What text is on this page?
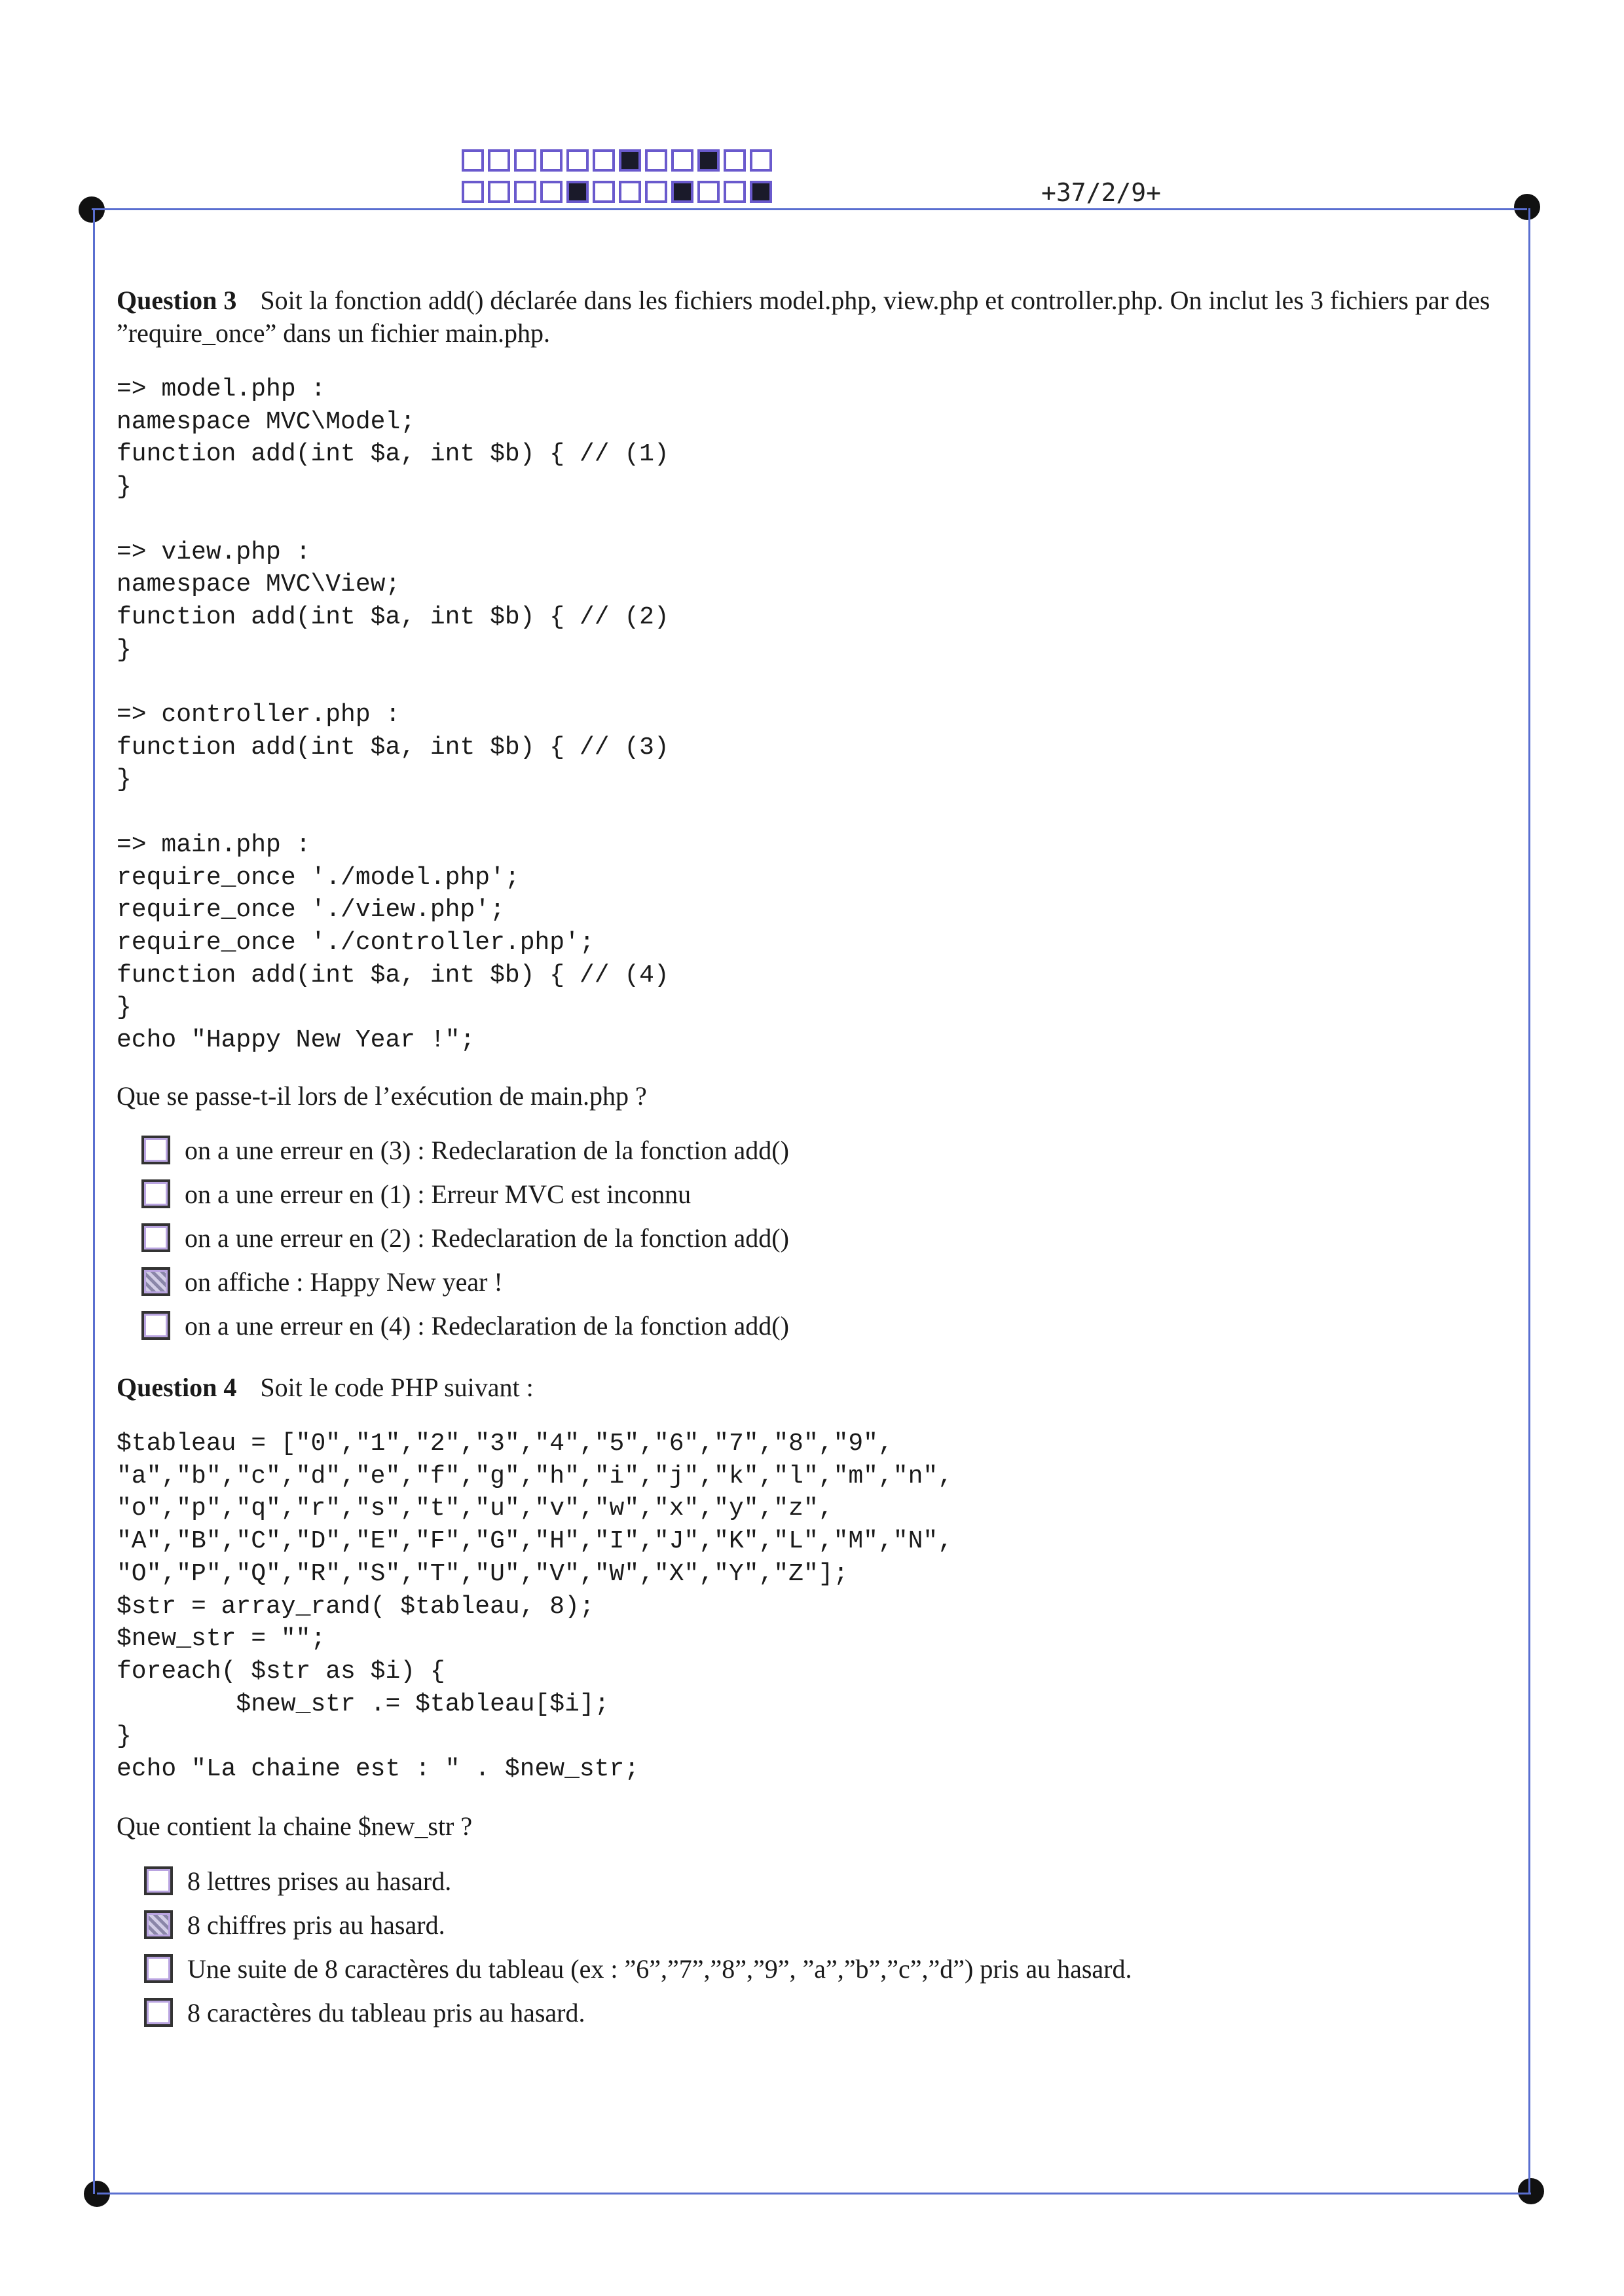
+37/2/9+
Question 3 Soit la fonction add() déclarée dans les fichiers model.php, view.php et controller.php. On inclut les 3 fichiers par des ”require_once” dans un fichier main.php.
=> model.php :
namespace MVC\Model;
function add(int $a, int $b) { // (1)
}

=> view.php :
namespace MVC\View;
function add(int $a, int $b) { // (2)
}

=> controller.php :
function add(int $a, int $b) { // (3)
}

=> main.php :
require_once './model.php';
require_once './view.php';
require_once './controller.php';
function add(int $a, int $b) { // (4)
}
echo "Happy New Year !";
Que se passe-t-il lors de l’exécution de main.php ?
on a une erreur en (3) : Redeclaration de la fonction add()
on a une erreur en (1) : Erreur MVC est inconnu
on a une erreur en (2) : Redeclaration de la fonction add()
on affiche : Happy New year !
on a une erreur en (4) : Redeclaration de la fonction add()
Question 4 Soit le code PHP suivant :
$tableau = ["0","1","2","3","4","5","6","7","8","9",
"a","b","c","d","e","f","g","h","i","j","k","l","m","n",
"o","p","q","r","s","t","u","v","w","x","y","z",
"A","B","C","D","E","F","G","H","I","J","K","L","M","N",
"O","P","Q","R","S","T","U","V","W","X","Y","Z"];
$str = array_rand( $tableau, 8);
$new_str = "";
foreach( $str as $i) {
$new_str .= $tableau[$i];
}
echo "La chaine est : " . $new_str;
Que contient la chaine $new_str ?
8 lettres prises au hasard.
8 chiffres pris au hasard.
Une suite de 8 caractères du tableau (ex : ”6”,”7”,”8”,”9”, ”a”,”b”,”c”,”d”) pris au hasard.
8 caractères du tableau pris au hasard.
